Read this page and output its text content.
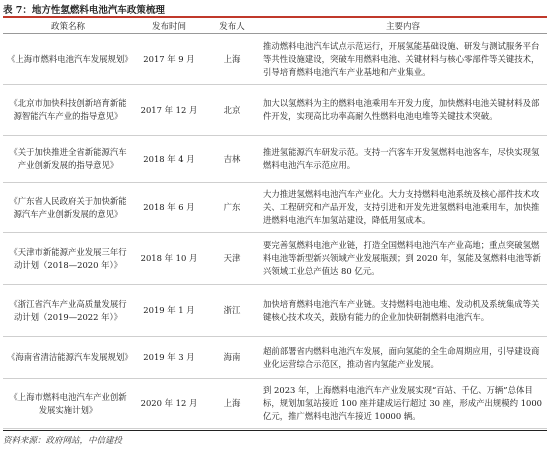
表 7：地方性氢燃料电池汽车政策梳理
政策名称	发布时间	发布人	主要内容
《上海市燃料电池汽车发展规划》	2017 年 9 月	上海	推动燃料电池汽车试点示范运行，开展氢能基础设施、研发与测试服务平台等共性设施建设，突破车用燃料电池、关键材料与核心零部件等关键技术，引导培育燃料电池汽车产业基地和产业集业。
《北京市加快科技创新培育新能源智能汽车产业的指导意见》	2017 年 12 月	北京	加大以氢燃料为主的燃料电池乘用车开发力度，加快燃料电池关键材料及部件开发，实现高比功率高耐久性燃料电池电堆等关键技术突破。
《关于加快推进全省新能源汽车产业创新发展的指导意见》	2018 年 4 月	吉林	推进氢能源汽车研发示范。支持一汽客车开发氢燃料电池客车，尽快实现氢燃料电池汽车示范应用。
《广东省人民政府关于加快新能源汽车产业创新发展的意见》	2018 年 6 月	广东	大力推进氢燃料电池汽车产业化。大力支持燃料电池系统及核心部件技术攻关、工程研究和产品开发，支持引进和开发先进氢燃料电池乘用车，加快推进燃料电池汽车加氢站建设，降低用氢成本。
《天津市新能源产业发展三年行动计划（2018—2020 年）》	2018 年 10 月	天津	要完善氢燃料电池产业链，打造全国燃料电池汽车产业高地；重点突破氢燃料电池等新型新兴领域产业发展瓶颈；到 2020 年，氢能及氢燃料电池等新兴领域工业总产值达 80 亿元。
《浙江省汽车产业高质量发展行动计划（2019—2022 年）》	2019 年 1 月	浙江	加快培育燃料电池汽车产业链。支持燃料电池电堆、发动机及系统集成等关键核心技术攻关，鼓励有能力的企业加快研制燃料电池汽车。
《海南省清洁能源汽车发展规划》	2019 年 3 月	海南	超前部署省内燃料电池汽车发展，面向氢能的全生命周期应用，引导建设商业化运营综合示范区，推动省内氢能产业发展。
《上海市燃料电池汽车产业创新发展实施计划》	2020 年 12 月	上海	到 2023 年，上海燃料电池汽车产业发展实现“百站、千亿、万辆”总体目标，规划加氢站接近 100 座并建成运行超过 30 座，形成产出规模约 1000 亿元，推广燃料电池汽车接近 10000 辆。
资料来源：政府网站，中信建投
